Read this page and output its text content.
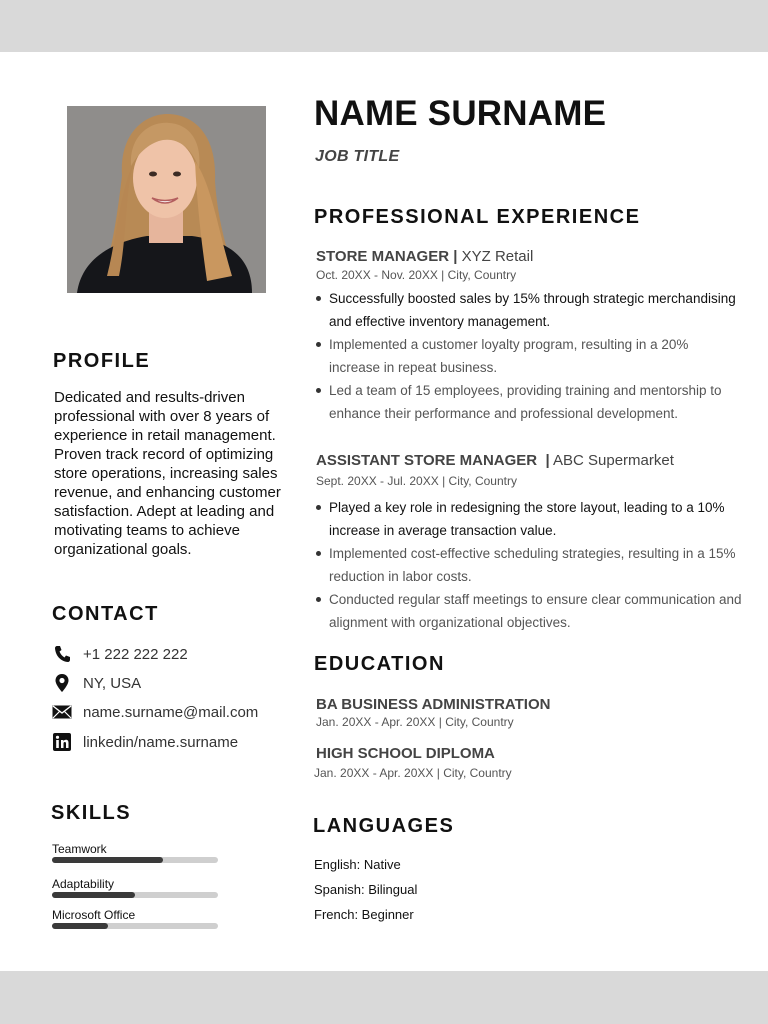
PROFILE

Dedicated and results-driven professional with over 8 years of experience in retail management. Proven track record of optimizing store operations, increasing sales revenue, and enhancing customer satisfaction. Adept at leading and motivating teams to achieve organizational goals.

CONTACT
+1 222 222 222
NY, USA
name.surname@mail.com
linkedin/name.surname
SKILLS
Teamwork
Adaptability
Microsoft Office
NAME SURNAME
JOB TITLE
PROFESSIONAL EXPERIENCE
STORE MANAGER | XYZ Retail
Oct. 20XX - Nov. 20XX | City, Country
Successfully boosted sales by 15% through strategic merchandising and effective inventory management.
Implemented a customer loyalty program, resulting in a 20% increase in repeat business.
Led a team of 15 employees, providing training and mentorship to enhance their performance and professional development.
ASSISTANT STORE MANAGER  | ABC Supermarket
Sept. 20XX - Jul. 20XX | City, Country
Played a key role in redesigning the store layout, leading to a 10% increase in average transaction value.
Implemented cost-effective scheduling strategies, resulting in a 15% reduction in labor costs.
Conducted regular staff meetings to ensure clear communication and alignment with organizational objectives.
EDUCATION
BA BUSINESS ADMINISTRATION
Jan. 20XX - Apr. 20XX | City, Country
HIGH SCHOOL DIPLOMA
Jan. 20XX - Apr. 20XX | City, Country
LANGUAGES
English: Native
Spanish: Bilingual
French: Beginner
